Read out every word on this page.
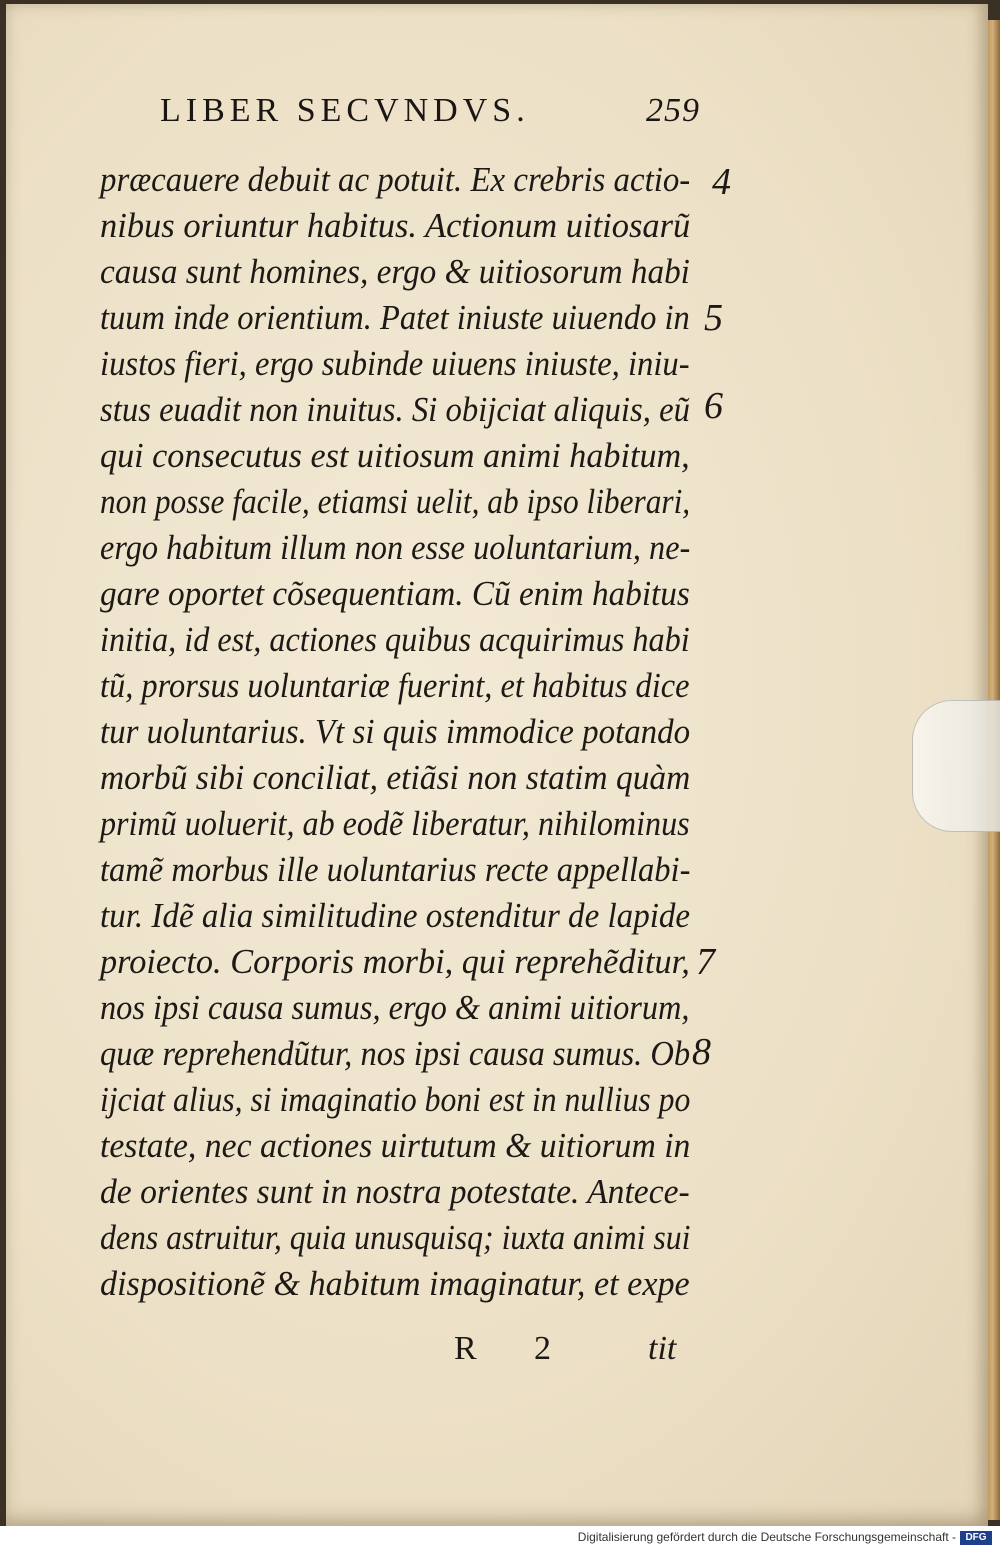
LIBER SECVNDVS.	259
præcauere debuit ac potuit. Ex crebris actio-
nibus oriuntur habitus. Actionum uitiosarũ
causa sunt homines, ergo & uitiosorum habi
tuum inde orientium. Patet iniuste uiuendo in
iustos fieri, ergo subinde uiuens iniuste, iniu-
stus euadit non inuitus. Si obijciat aliquis, eũ
qui consecutus est uitiosum animi habitum,
non posse facile, etiamsi uelit, ab ipso liberari,
ergo habitum illum non esse uoluntarium, ne-
gare oportet cõsequentiam. Cũ enim habitus
initia, id est, actiones quibus acquirimus habi
tũ, prorsus uoluntariæ fuerint, et habitus dice
tur uoluntarius. Vt si quis immodice potando
morbũ sibi conciliat, etiãsi non statim quàm
primũ uoluerit, ab eodẽ liberatur, nihilominus
tamẽ morbus ille uoluntarius recte appellabi-
tur. Idẽ alia similitudine ostenditur de lapide
proiecto. Corporis morbi, qui reprehẽditur,
nos ipsi causa sumus, ergo & animi uitiorum,
quæ reprehendũtur, nos ipsi causa sumus. Ob
ijciat alius, si imaginatio boni est in nullius po
testate, nec actiones uirtutum & uitiorum in
de orientes sunt in nostra potestate. Antece-
dens astruitur, quia unusquisq; iuxta animi sui
dispositionẽ & habitum imaginatur, et expe
4
5
6
7
8
R 2	tit
Digitalisierung gefördert durch die Deutsche Forschungsgemeinschaft - DFG
